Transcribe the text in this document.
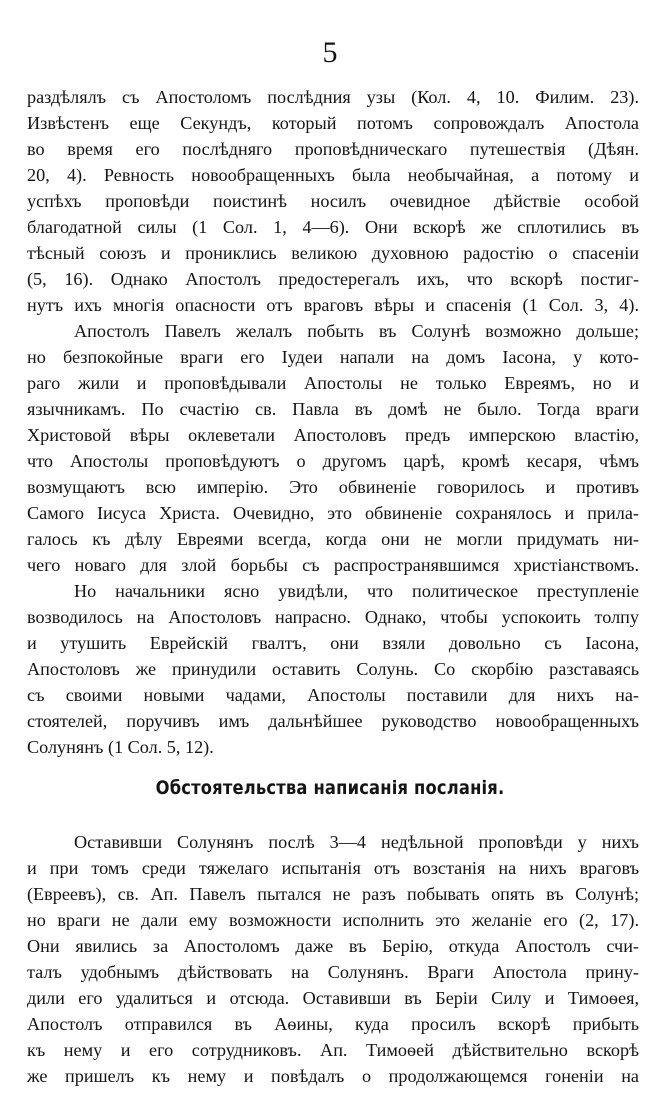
5

раздѣлялъ съ Апостоломъ послѣдния узы (Кол. 4, 10. Филим. 23).

Извѣстенъ еще Секундъ, который потомъ сопровождалъ Апостола

во время его послѣдняго проповѣдническаго путешествія (Дѣян.

20, 4). Ревность новообращенныхъ была необычайная, а потому и

успѣхъ проповѣди поистинѣ носилъ очевидное дѣйствіе особой

благодатной силы (1 Сол. 1, 4—6). Они вскорѣ же сплотились въ

тѣсный союзъ и прониклись великою духовною радостію о спасеніи

(5, 16). Однако Апостолъ предостерегалъ ихъ, что вскорѣ постиг-

нутъ ихъ многія опасности отъ враговъ вѣры и спасенія (1 Сол. 3, 4).

Апостолъ Павелъ желалъ побыть въ Солунѣ возможно дольше;

но безпокойные враги его Іудеи напали на домъ Іасона, у кото-

раго жили и проповѣдывали Апостолы не только Евреямъ, но и

язычникамъ. По счастію св. Павла въ домѣ не было. Тогда враги

Христовой вѣры оклеветали Апостоловъ предъ имперскою властію,

что Апостолы проповѣдуютъ о другомъ царѣ, кромѣ кесаря, чѣмъ

возмущаютъ всю имперію. Это обвиненіе говорилось и противъ

Самого Іисуса Христа. Очевидно, это обвиненіе сохранялось и прила-

галось къ дѣлу Евреями всегда, когда они не могли придумать ни-

чего новаго для злой борьбы съ распространявшимся христіанствомъ.

Но начальники ясно увидѣли, что политическое преступленіе

возводилось на Апостоловъ напрасно. Однако, чтобы успокоить толпу

и утушить Еврейскій гвалтъ, они взяли довольно съ Іасона,

Апостоловъ же принудили оставить Солунь. Со скорбію разставаясь

съ своими новыми чадами, Апостолы поставили для нихъ на-

стоятелей, поручивъ имъ дальнѣйшее руководство новообращенныхъ

Солунянъ (1 Сол. 5, 12).

Обстоятельства написанія посланія.

Оставивши Солунянъ послѣ 3—4 недѣльной проповѣди у нихъ

и при томъ среди тяжелаго испытанія отъ возстанія на нихъ враговъ

(Евреевъ), св. Ап. Павелъ пытался не разъ побывать опять въ Солунѣ;

но враги не дали ему возможности исполнить это желаніе его (2, 17).

Они явились за Апостоломъ даже въ Берію, откуда Апостолъ счи-

талъ удобнымъ дѣйствовать на Солунянъ. Враги Апостола прину-

дили его удалиться и отсюда. Оставивши въ Беріи Силу и Тимоѳея,

Апостолъ отправился въ Аѳины, куда просилъ вскорѣ прибыть

къ нему и его сотрудниковъ. Ап. Тимоѳей дѣйствительно вскорѣ

же пришелъ къ нему и повѣдалъ о продолжающемся гоненіи на
